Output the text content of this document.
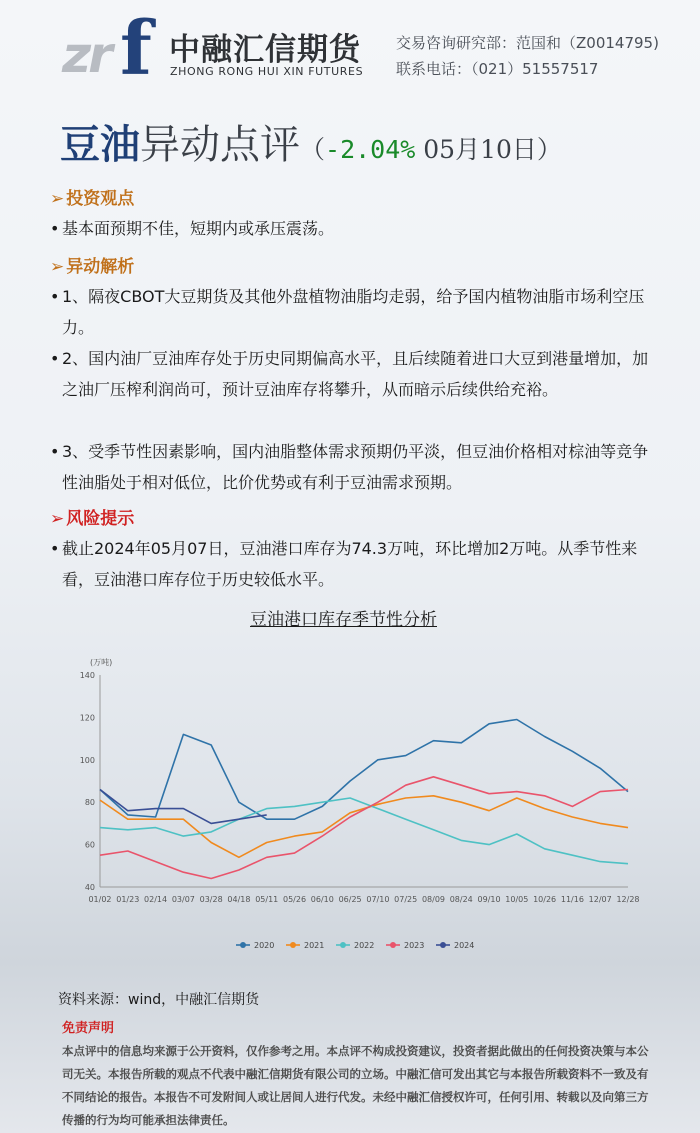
zr f 中融汇信期货
ZHONG RONG HUI XIN FUTURES
交易咨询研究部：范国和（Z0014795)
联系电话：（021）51557517
豆油异动点评（-2.04% 05月10日）
➢ 投资观点
• 基本面预期不佳，短期内或承压震荡。
➢ 异动解析
• 1、隔夜CBOT大豆期货及其他外盘植物油脂均走弱，给予国内植物油脂市场利空压力。
• 2、国内油厂豆油库存处于历史同期偏高水平，且后续随着进口大豆到港量增加，加之油厂压榨利润尚可，预计豆油库存将攀升，从而暗示后续供给充裕。
• 3、受季节性因素影响，国内油脂整体需求预期仍平淡，但豆油价格相对棕油等竞争性油脂处于相对低位，比价优势或有利于豆油需求预期。
➢ 风险提示
• 截止2024年05月07日，豆油港口库存为74.3万吨，环比增加2万吨。从季节性来看，豆油港口库存位于历史较低水平。
豆油港口库存季节性分析
(万吨)
40
60
80
100
120
140
01/02 01/23 02/14 03/07 03/28 04/18 05/11 05/26 06/10 06/25 07/10 07/25 08/09 08/24 09/10 10/05 10/26 11/16 12/07 12/28
2020	2021	2022	2023	2024
资料来源：wind，中融汇信期货
免责声明
本点评中的信息均来源于公开资料，仅作参考之用。本点评不构成投资建议，投资者据此做出的任何投资决策与本公司无关。本报告所载的观点不代表中融汇信期货有限公司的立场。中融汇信可发出其它与本报告所载资料不一致及有不同结论的报告。本报告不可发附间人或让居间人进行代发。未经中融汇信授权许可，任何引用、转载以及向第三方传播的行为均可能承担法律责任。
